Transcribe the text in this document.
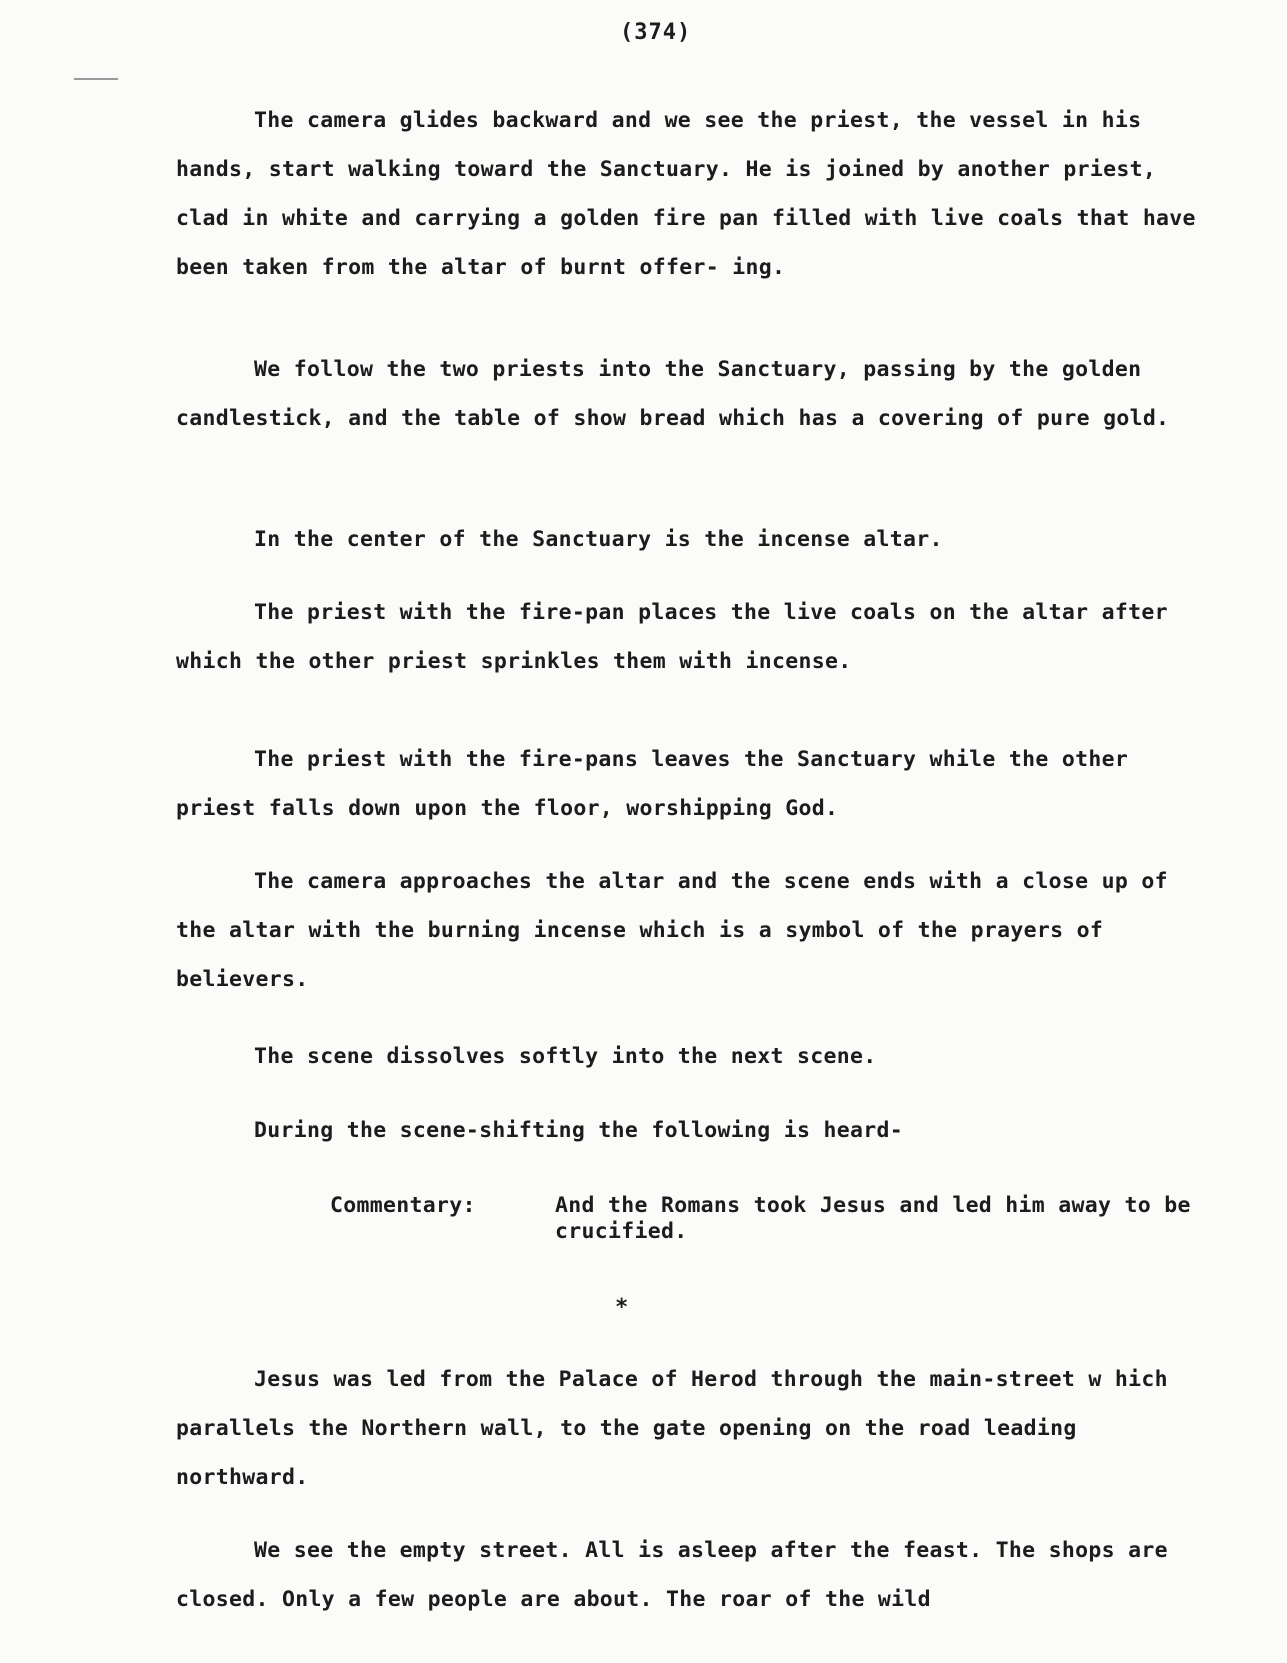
(374)

The camera glides backward and we see the priest, the vessel in his hands, start walking toward the Sanctuary. He is joined by another priest, clad in white and carrying a golden fire pan filled with live coals that have been taken from the altar of burnt offer- ing.

We follow the two priests into the Sanctuary, passing by the golden candlestick, and the table of show bread which has a covering of pure gold.

In the center of the Sanctuary is the incense altar.

The priest with the fire-pan places the live coals on the altar after which the other priest sprinkles them with incense.

The priest with the fire-pans leaves the Sanctuary while the other priest falls down upon the floor, worshipping God.

The camera approaches the altar and the scene ends with a close up of the altar with the burning incense which is a symbol of the prayers of believers.

The scene dissolves softly into the next scene.

During the scene-shifting the following is heard-

Commentary:	And the Romans took Jesus and led him away to be crucified.
*

Jesus was led from the Palace of Herod through the main-street w hich parallels the Northern wall, to the gate opening on the road leading northward.

We see the empty street. All is asleep after the feast. The shops are closed. Only a few people are about. The roar of the wild
